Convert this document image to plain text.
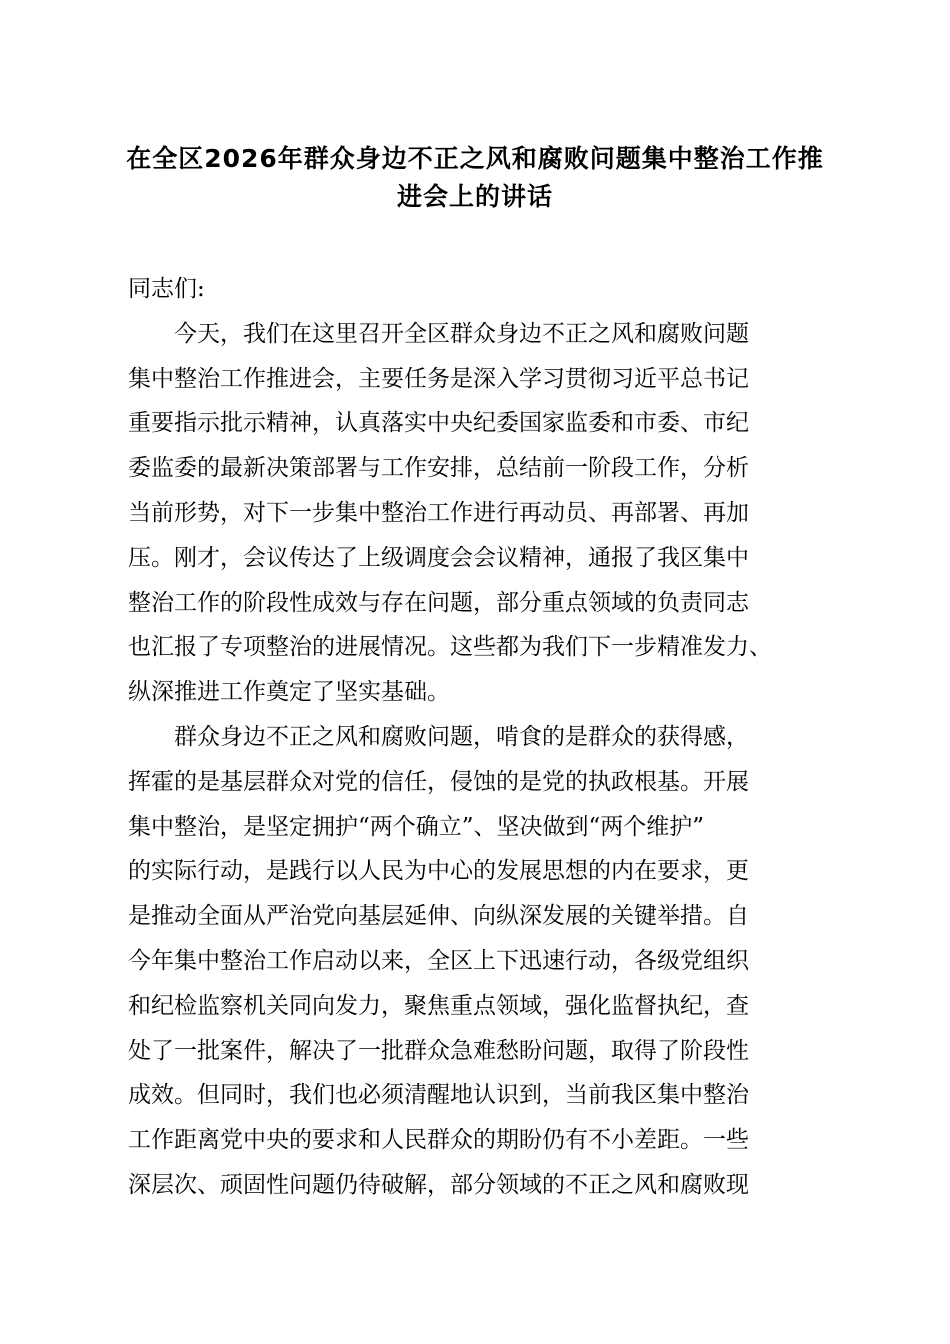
在全区2026年群众身边不正之风和腐败问题集中整治工作推
进会上的讲话
同志们:
今天，我们在这里召开全区群众身边不正之风和腐败问题
集中整治工作推进会，主要任务是深入学习贯彻习近平总书记
重要指示批示精神，认真落实中央纪委国家监委和市委、市纪
委监委的最新决策部署与工作安排，总结前一阶段工作，分析
当前形势，对下一步集中整治工作进行再动员、再部署、再加
压。刚才，会议传达了上级调度会会议精神，通报了我区集中
整治工作的阶段性成效与存在问题，部分重点领域的负责同志
也汇报了专项整治的进展情况。这些都为我们下一步精准发力、
纵深推进工作奠定了坚实基础。
群众身边不正之风和腐败问题，啃食的是群众的获得感，
挥霍的是基层群众对党的信任，侵蚀的是党的执政根基。开展
集中整治，是坚定拥护“两个确立”、坚决做到“两个维护”
的实际行动，是践行以人民为中心的发展思想的内在要求，更
是推动全面从严治党向基层延伸、向纵深发展的关键举措。自
今年集中整治工作启动以来，全区上下迅速行动，各级党组织
和纪检监察机关同向发力，聚焦重点领域，强化监督执纪，查
处了一批案件，解决了一批群众急难愁盼问题，取得了阶段性
成效。但同时，我们也必须清醒地认识到，当前我区集中整治
工作距离党中央的要求和人民群众的期盼仍有不小差距。一些
深层次、顽固性问题仍待破解，部分领域的不正之风和腐败现
